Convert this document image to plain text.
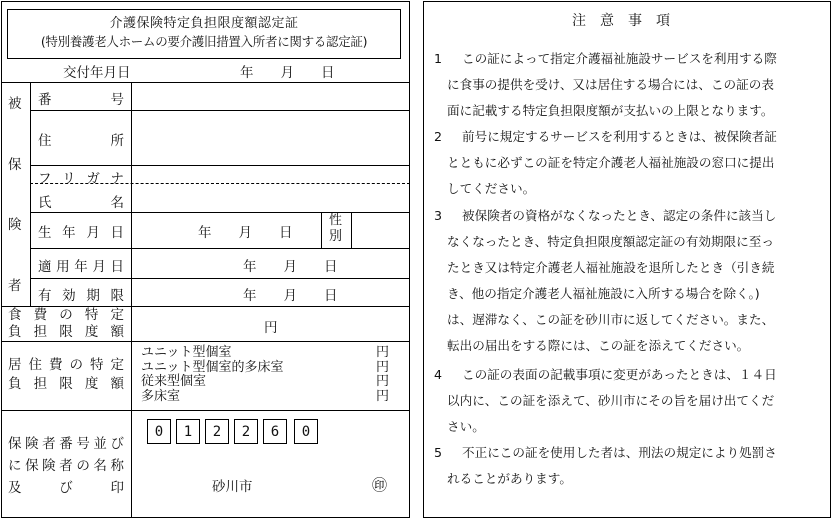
介護保険特定負担限度額認定証
(特別養護老人ホームの要介護旧措置入所者に関する認定証)
交付年月日	年　　月　　日
被
保
険
者
番	号
住	所
フ リ ガ ナ
氏	名
生 年 月 日	年　　月　　日
性
別
適 用 年 月 日	年　　月　　日
有 効 期 限	年　　月　　日
食 費 の 特 定
負 担 限 度 額	円
居 住 費 の 特 定
負 担 限 度 額
ユニット型個室	円
ユニット型個室的多床室	円
従来型個室	円
多床室	円
保 険 者 番 号 並 び
に 保 険 者 の 名 称
及	び	印
0	1	2	2	6	0
砂川市	㊞
注　意　事　項
1 この証によって指定介護福祉施設サービスを利用する際
に食事の提供を受け、又は居住する場合には、この証の表
面に記載する特定負担限度額が支払いの上限となります。
2 前号に規定するサービスを利用するときは、被保険者証
とともに必ずこの証を特定介護老人福祉施設の窓口に提出
してください。
3 被保険者の資格がなくなったとき、認定の条件に該当し
なくなったとき、特定負担限度額認定証の有効期限に至っ
たとき又は特定介護老人福祉施設を退所したとき（引き続
き、他の指定介護老人福祉施設に入所する場合を除く。)
は、遅滞なく、この証を砂川市に返してください。また、
転出の届出をする際には、この証を添えてください。
4 この証の表面の記載事項に変更があったときは、１４日
以内に、この証を添えて、砂川市にその旨を届け出てくだ
さい。
5 不正にこの証を使用した者は、刑法の規定により処罰さ
れることがあります。
